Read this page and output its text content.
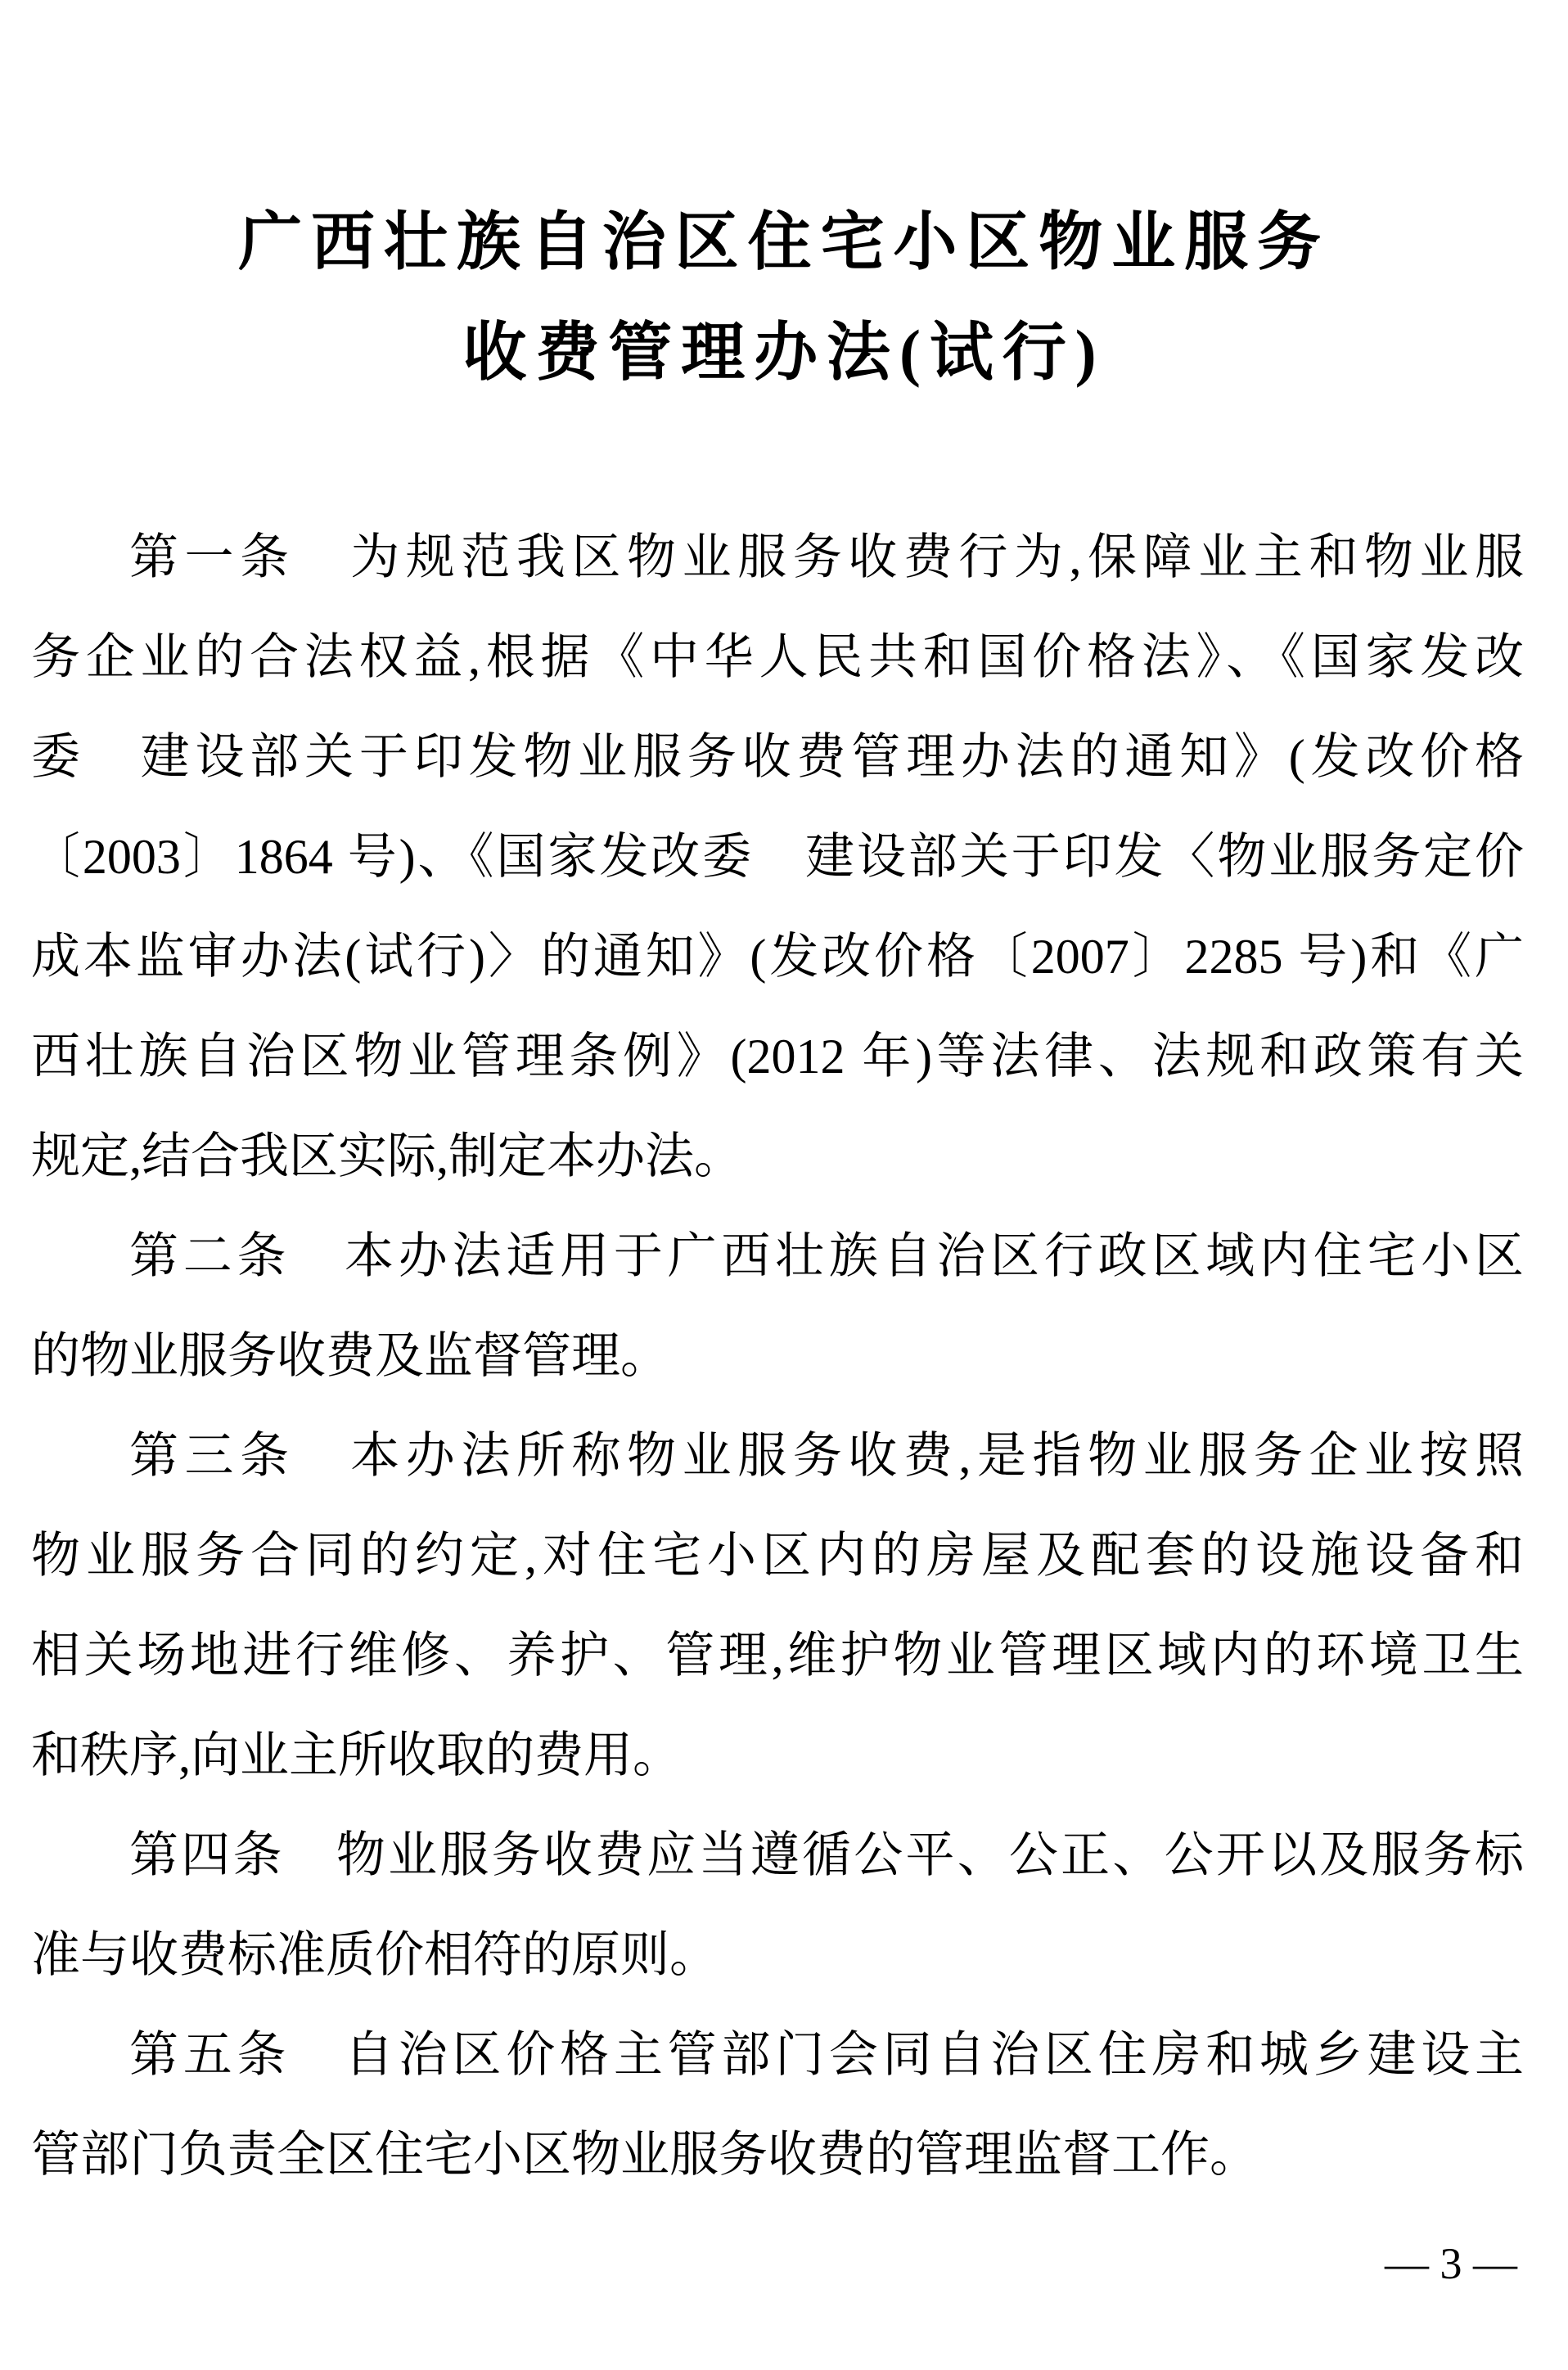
广西壮族自治区住宅小区物业服务
收费管理办法(试行)
第一条　为规范我区物业服务收费行为,保障业主和物业服
务企业的合法权益,根据《中华人民共和国价格法》、《国家发改
委　建设部关于印发物业服务收费管理办法的通知》(发改价格
〔2003〕1864 号)、《国家发改委　建设部关于印发〈物业服务定价
成本监审办法(试行)〉的通知》(发改价格〔2007〕2285 号)和《广
西壮族自治区物业管理条例》(2012 年)等法律、法规和政策有关
规定,结合我区实际,制定本办法。
第二条　本办法适用于广西壮族自治区行政区域内住宅小区
的物业服务收费及监督管理。
第三条　本办法所称物业服务收费,是指物业服务企业按照
物业服务合同的约定,对住宅小区内的房屋及配套的设施设备和
相关场地进行维修、养护、管理,维护物业管理区域内的环境卫生
和秩序,向业主所收取的费用。
第四条　物业服务收费应当遵循公平、公正、公开以及服务标
准与收费标准质价相符的原则。
第五条　自治区价格主管部门会同自治区住房和城乡建设主
管部门负责全区住宅小区物业服务收费的管理监督工作。
— 3 —
